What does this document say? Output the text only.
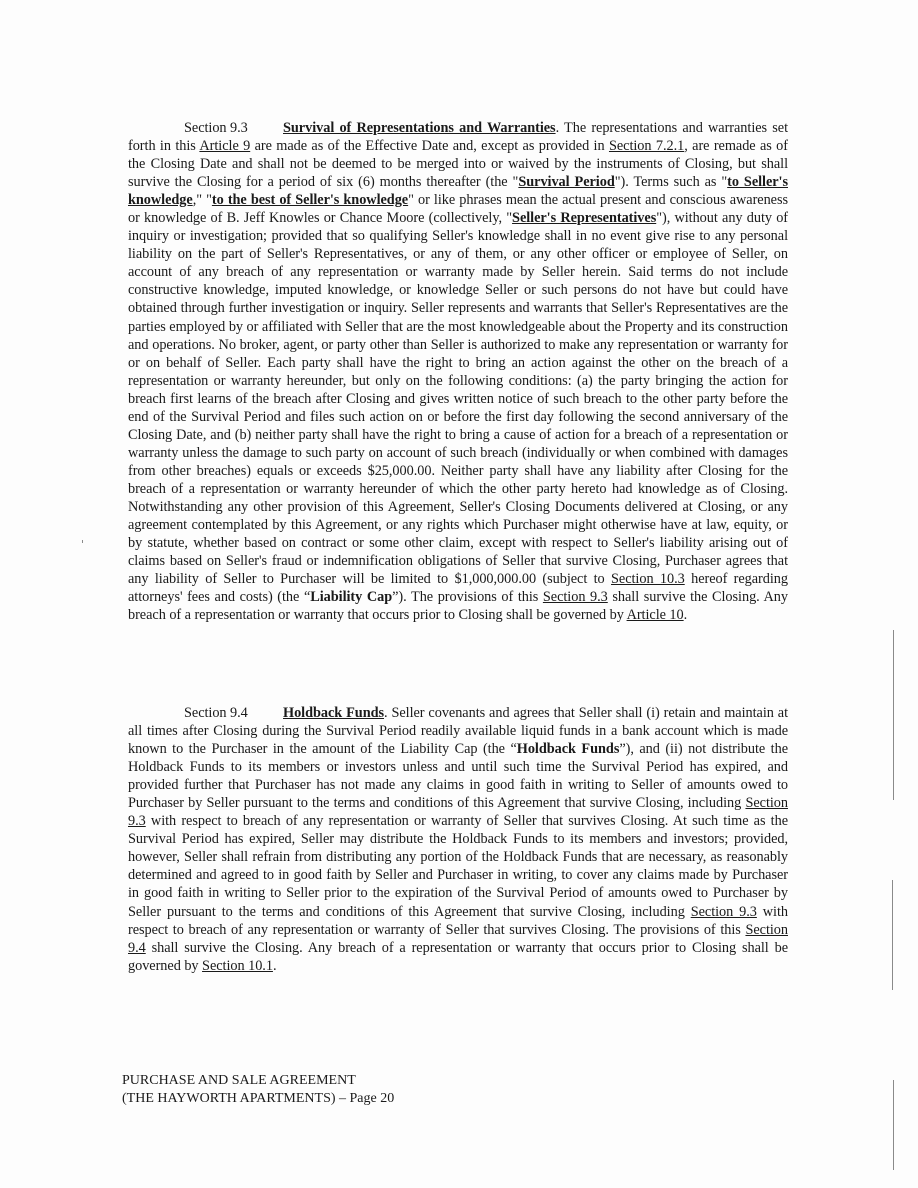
Section 9.3 Survival of Representations and Warranties. The representations and warranties set forth in this Article 9 are made as of the Effective Date and, except as provided in Section 7.2.1, are remade as of the Closing Date and shall not be deemed to be merged into or waived by the instruments of Closing, but shall survive the Closing for a period of six (6) months thereafter (the "Survival Period"). Terms such as "to Seller's knowledge," "to the best of Seller's knowledge" or like phrases mean the actual present and conscious awareness or knowledge of B. Jeff Knowles or Chance Moore (collectively, "Seller's Representatives"), without any duty of inquiry or investigation; provided that so qualifying Seller's knowledge shall in no event give rise to any personal liability on the part of Seller's Representatives, or any of them, or any other officer or employee of Seller, on account of any breach of any representation or warranty made by Seller herein. Said terms do not include constructive knowledge, imputed knowledge, or knowledge Seller or such persons do not have but could have obtained through further investigation or inquiry. Seller represents and warrants that Seller's Representatives are the parties employed by or affiliated with Seller that are the most knowledgeable about the Property and its construction and operations. No broker, agent, or party other than Seller is authorized to make any representation or warranty for or on behalf of Seller. Each party shall have the right to bring an action against the other on the breach of a representation or warranty hereunder, but only on the following conditions: (a) the party bringing the action for breach first learns of the breach after Closing and gives written notice of such breach to the other party before the end of the Survival Period and files such action on or before the first day following the second anniversary of the Closing Date, and (b) neither party shall have the right to bring a cause of action for a breach of a representation or warranty unless the damage to such party on account of such breach (individually or when combined with damages from other breaches) equals or exceeds $25,000.00. Neither party shall have any liability after Closing for the breach of a representation or warranty hereunder of which the other party hereto had knowledge as of Closing. Notwithstanding any other provision of this Agreement, Seller's Closing Documents delivered at Closing, or any agreement contemplated by this Agreement, or any rights which Purchaser might otherwise have at law, equity, or by statute, whether based on contract or some other claim, except with respect to Seller's liability arising out of claims based on Seller's fraud or indemnification obligations of Seller that survive Closing, Purchaser agrees that any liability of Seller to Purchaser will be limited to $1,000,000.00 (subject to Section 10.3 hereof regarding attorneys' fees and costs) (the “Liability Cap”). The provisions of this Section 9.3 shall survive the Closing. Any breach of a representation or warranty that occurs prior to Closing shall be governed by Article 10.
Section 9.4 Holdback Funds. Seller covenants and agrees that Seller shall (i) retain and maintain at all times after Closing during the Survival Period readily available liquid funds in a bank account which is made known to the Purchaser in the amount of the Liability Cap (the “Holdback Funds”), and (ii) not distribute the Holdback Funds to its members or investors unless and until such time the Survival Period has expired, and provided further that Purchaser has not made any claims in good faith in writing to Seller of amounts owed to Purchaser by Seller pursuant to the terms and conditions of this Agreement that survive Closing, including Section 9.3 with respect to breach of any representation or warranty of Seller that survives Closing. At such time as the Survival Period has expired, Seller may distribute the Holdback Funds to its members and investors; provided, however, Seller shall refrain from distributing any portion of the Holdback Funds that are necessary, as reasonably determined and agreed to in good faith by Seller and Purchaser in writing, to cover any claims made by Purchaser in good faith in writing to Seller prior to the expiration of the Survival Period of amounts owed to Purchaser by Seller pursuant to the terms and conditions of this Agreement that survive Closing, including Section 9.3 with respect to breach of any representation or warranty of Seller that survives Closing. The provisions of this Section 9.4 shall survive the Closing. Any breach of a representation or warranty that occurs prior to Closing shall be governed by Section 10.1.
PURCHASE AND SALE AGREEMENT
(THE HAYWORTH APARTMENTS) – Page 20
